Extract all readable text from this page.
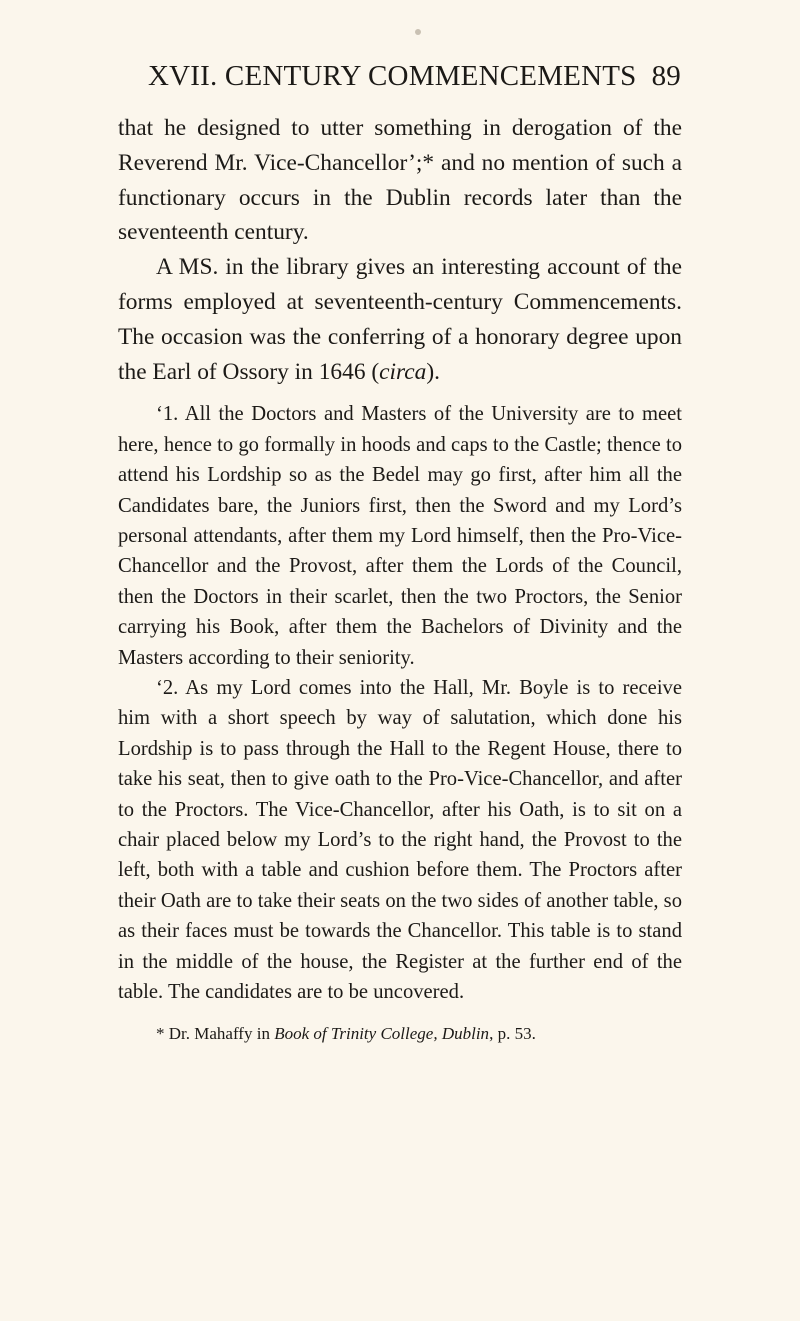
XVII. CENTURY COMMENCEMENTS 89

that he designed to utter something in derogation of the Reverend Mr. Vice-Chancellor’;* and no mention of such a functionary occurs in the Dublin records later than the seventeenth century.

A MS. in the library gives an interesting account of the forms employed at seventeenth-century Commencements. The occasion was the conferring of a honorary degree upon the Earl of Ossory in 1646 (circa).

‘1. All the Doctors and Masters of the University are to meet here, hence to go formally in hoods and caps to the Castle; thence to attend his Lordship so as the Bedel may go first, after him all the Candidates bare, the Juniors first, then the Sword and my Lord’s personal attendants, after them my Lord himself, then the Pro-Vice-Chancellor and the Provost, after them the Lords of the Council, then the Doctors in their scarlet, then the two Proctors, the Senior carrying his Book, after them the Bachelors of Divinity and the Masters according to their seniority.

‘2. As my Lord comes into the Hall, Mr. Boyle is to receive him with a short speech by way of salutation, which done his Lordship is to pass through the Hall to the Regent House, there to take his seat, then to give oath to the Pro-Vice-Chancellor, and after to the Proctors. The Vice-Chancellor, after his Oath, is to sit on a chair placed below my Lord’s to the right hand, the Provost to the left, both with a table and cushion before them. The Proctors after their Oath are to take their seats on the two sides of another table, so as their faces must be towards the Chancellor. This table is to stand in the middle of the house, the Register at the further end of the table. The candidates are to be uncovered.

* Dr. Mahaffy in Book of Trinity College, Dublin, p. 53.
